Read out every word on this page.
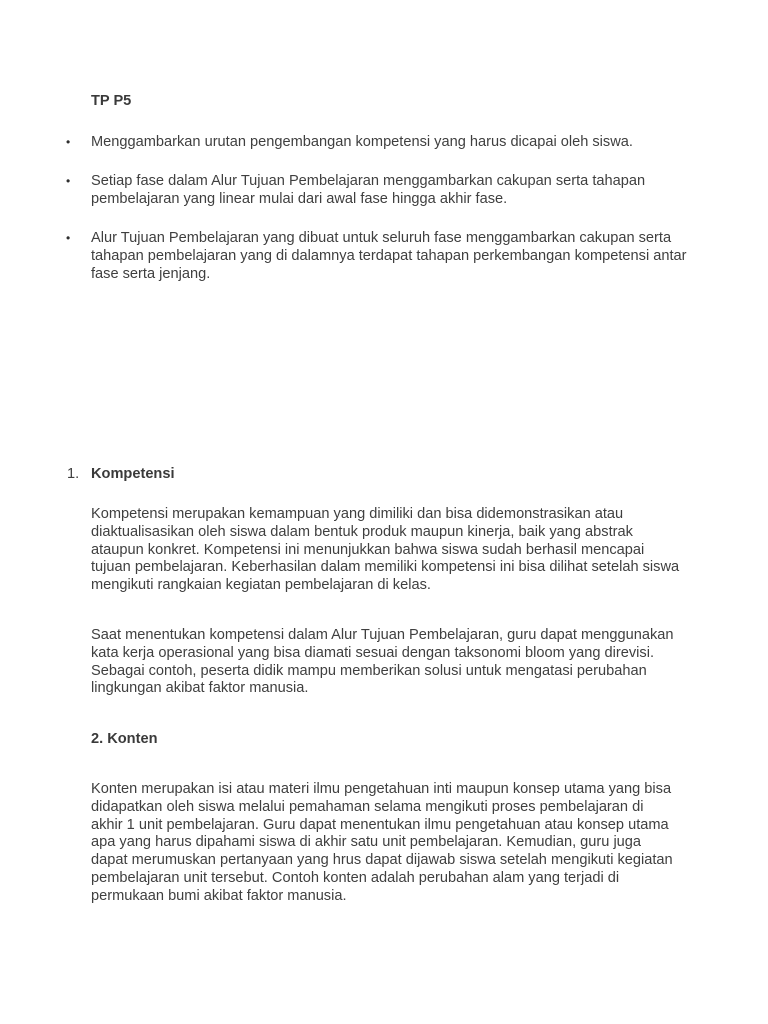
TP P5

•	Menggambarkan urutan pengembangan kompetensi yang harus dicapai oleh siswa.

•	Setiap fase dalam Alur Tujuan Pembelajaran menggambarkan cakupan serta tahapan pembelajaran yang linear mulai dari awal fase hingga akhir fase.

•	Alur Tujuan Pembelajaran yang dibuat untuk seluruh fase menggambarkan cakupan serta tahapan pembelajaran yang di dalamnya terdapat tahapan perkembangan kompetensi antar fase serta jenjang.

1. Kompetensi

Kompetensi merupakan kemampuan yang dimiliki dan bisa didemonstrasikan atau diaktualisasikan oleh siswa dalam bentuk produk maupun kinerja, baik yang abstrak ataupun konkret. Kompetensi ini menunjukkan bahwa siswa sudah berhasil mencapai tujuan pembelajaran. Keberhasilan dalam memiliki kompetensi ini bisa dilihat setelah siswa mengikuti rangkaian kegiatan pembelajaran di kelas.

Saat menentukan kompetensi dalam Alur Tujuan Pembelajaran, guru dapat menggunakan kata kerja operasional yang bisa diamati sesuai dengan taksonomi bloom yang direvisi. Sebagai contoh, peserta didik mampu memberikan solusi untuk mengatasi perubahan lingkungan akibat faktor manusia.

2. Konten

Konten merupakan isi atau materi ilmu pengetahuan inti maupun konsep utama yang bisa didapatkan oleh siswa melalui pemahaman selama mengikuti proses pembelajaran di akhir 1 unit pembelajaran. Guru dapat menentukan ilmu pengetahuan atau konsep utama apa yang harus dipahami siswa di akhir satu unit pembelajaran. Kemudian, guru juga dapat merumuskan pertanyaan yang hrus dapat dijawab siswa setelah mengikuti kegiatan pembelajaran unit tersebut. Contoh konten adalah perubahan alam yang terjadi di permukaan bumi akibat faktor manusia.
